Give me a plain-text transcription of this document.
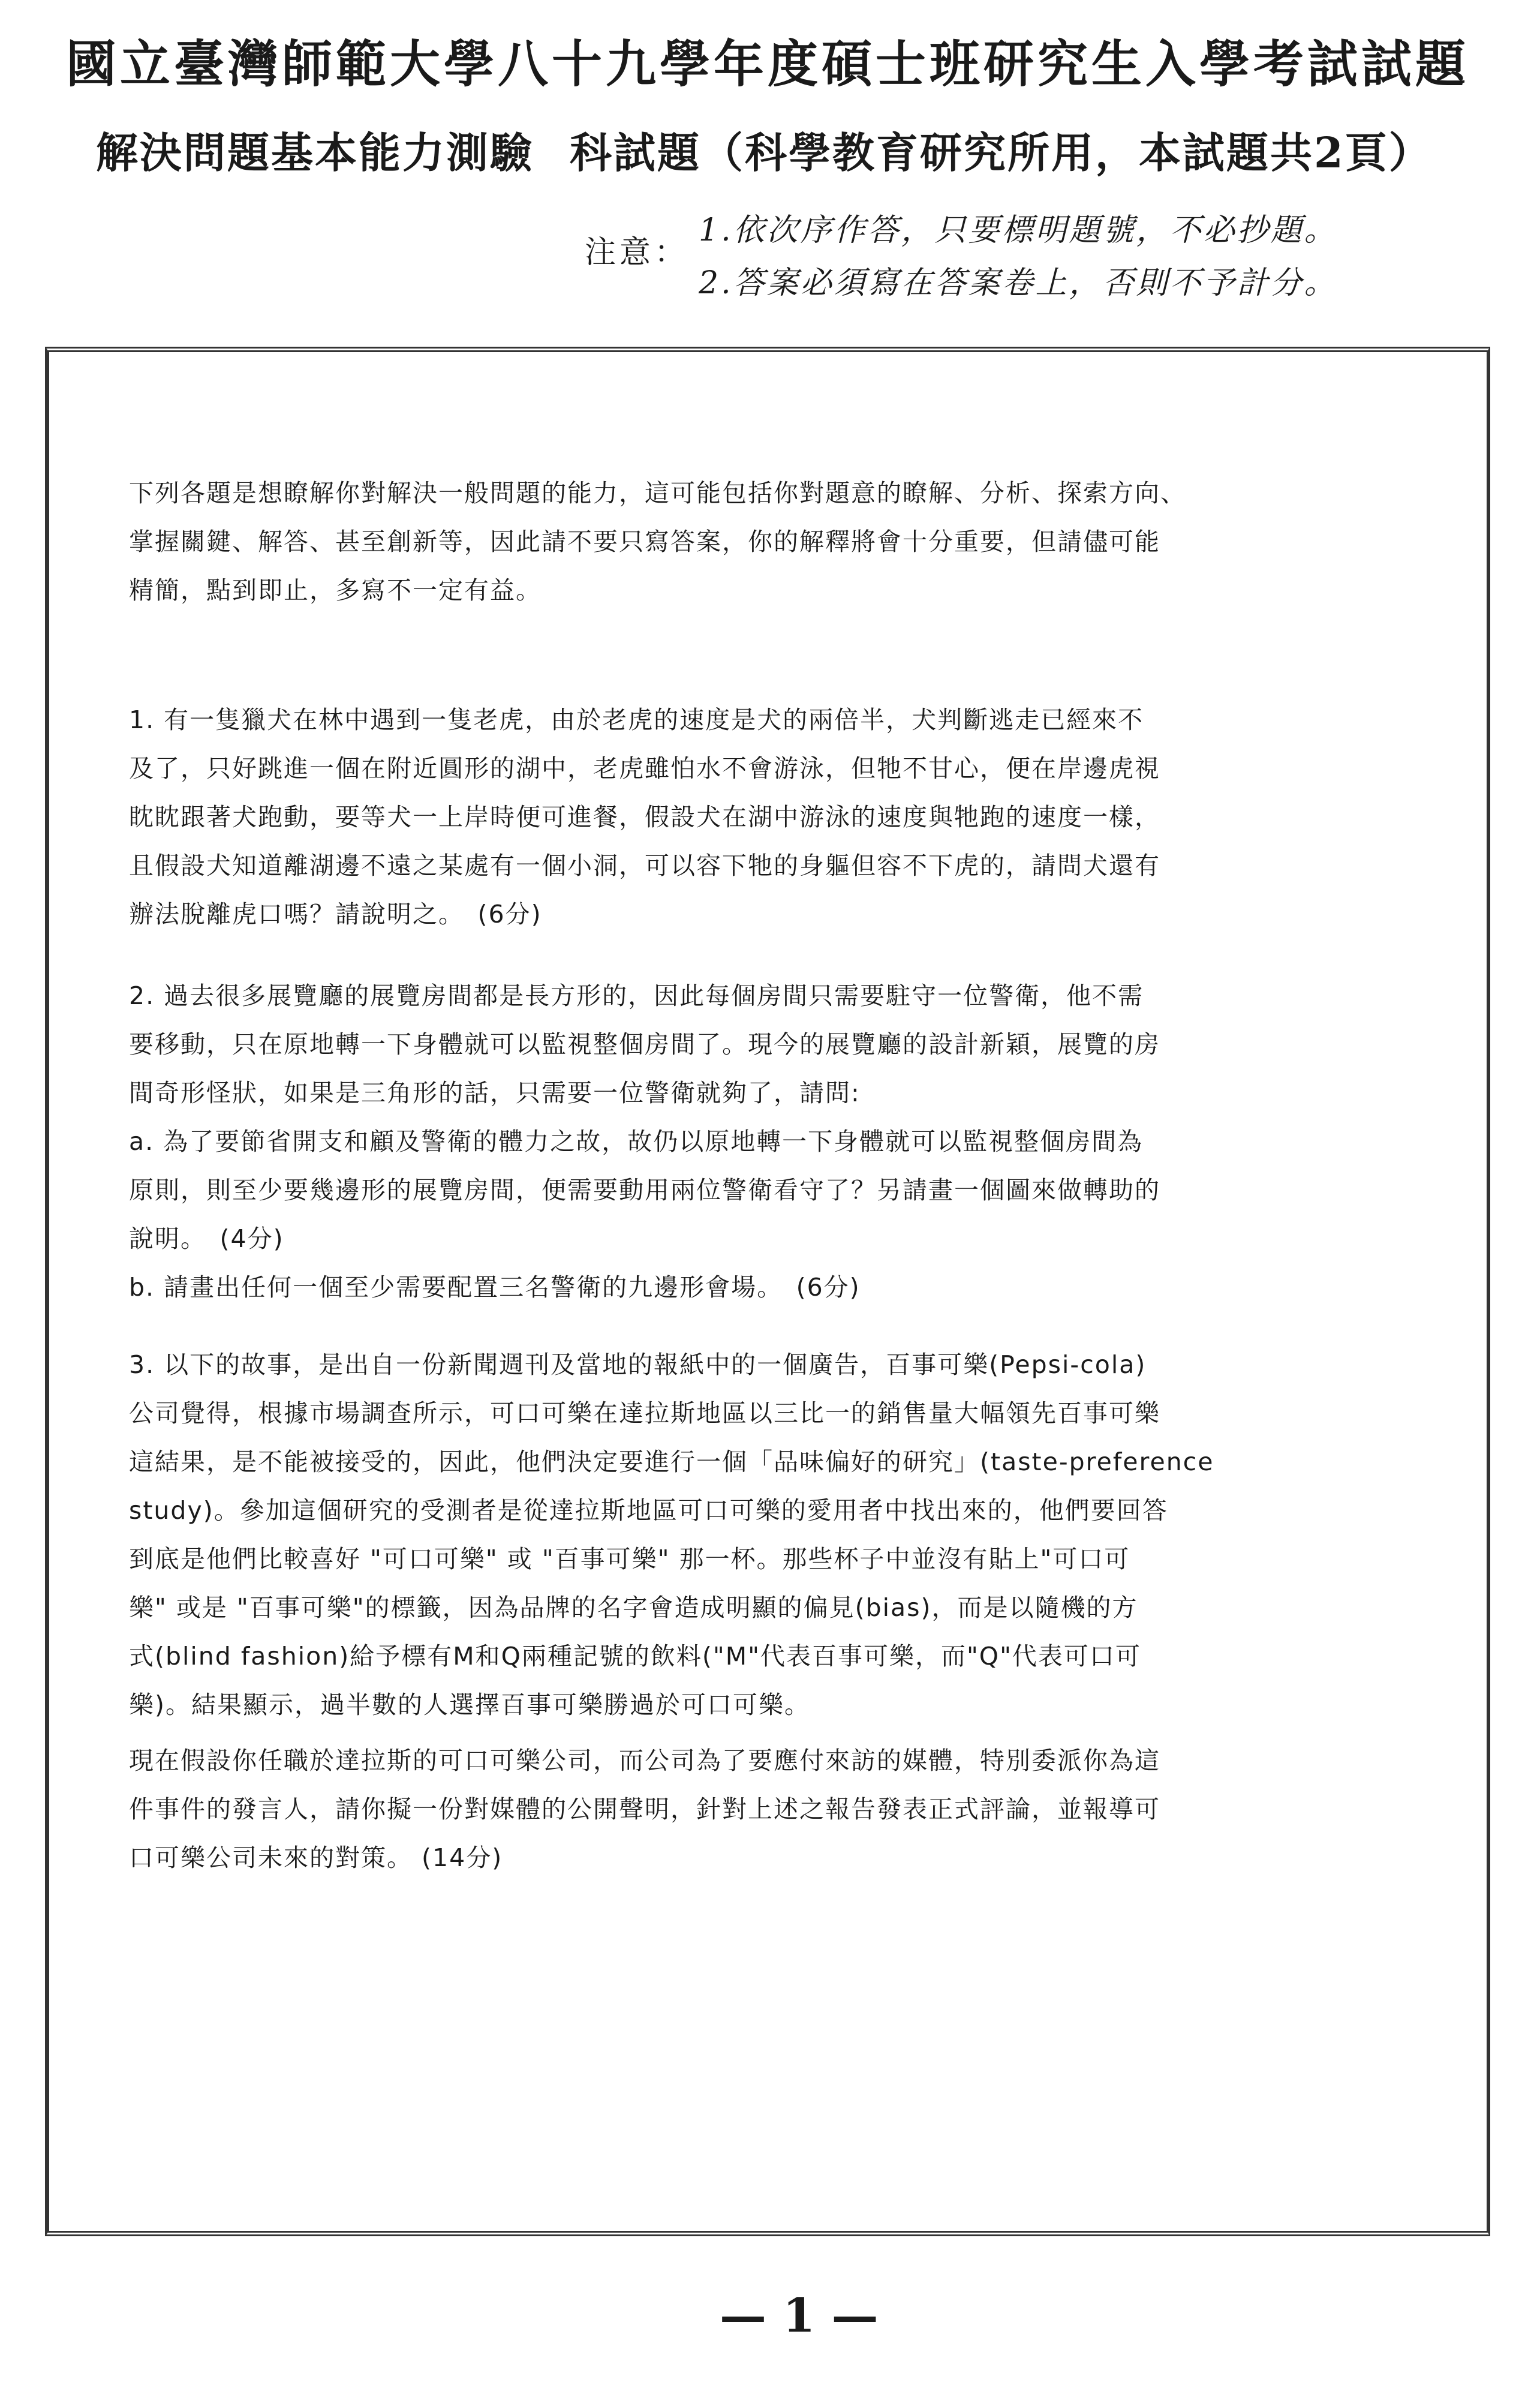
國立臺灣師範大學八十九學年度碩士班研究生入學考試試題
解決問題基本能力測驗 科試題（科學教育研究所用，本試題共2頁）
注意：
1.依次序作答，只要標明題號，不必抄題。
2.答案必須寫在答案卷上，否則不予計分。

下列各題是想瞭解你對解決一般問題的能力，這可能包括你對題意的瞭解、分析、探索方向、

掌握關鍵、解答、甚至創新等，因此請不要只寫答案，你的解釋將會十分重要，但請儘可能

精簡，點到即止，多寫不一定有益。

1. 有一隻獵犬在林中遇到一隻老虎，由於老虎的速度是犬的兩倍半，犬判斷逃走已經來不

及了，只好跳進一個在附近圓形的湖中，老虎雖怕水不會游泳，但牠不甘心，便在岸邊虎視

眈眈跟著犬跑動，要等犬一上岸時便可進餐，假設犬在湖中游泳的速度與牠跑的速度一樣，

且假設犬知道離湖邊不遠之某處有一個小洞，可以容下牠的身軀但容不下虎的，請問犬還有

辦法脫離虎口嗎？請說明之。　(6分)

2. 過去很多展覽廳的展覽房間都是長方形的，因此每個房間只需要駐守一位警衛，他不需

要移動，只在原地轉一下身體就可以監視整個房間了。現今的展覽廳的設計新穎，展覽的房

間奇形怪狀，如果是三角形的話，只需要一位警衛就夠了，請問:

a. 為了要節省開支和顧及警衛的體力之故，故仍以原地轉一下身體就可以監視整個房間為

原則，則至少要幾邊形的展覽房間，便需要動用兩位警衛看守了？另請畫一個圖來做轉助的

說明。　(4分)

b. 請畫出任何一個至少需要配置三名警衛的九邊形會場。　(6分)

3. 以下的故事，是出自一份新聞週刊及當地的報紙中的一個廣告，百事可樂(Pepsi-cola)

公司覺得，根據市場調查所示，可口可樂在達拉斯地區以三比一的銷售量大幅領先百事可樂

這結果，是不能被接受的，因此，他們決定要進行一個「品味偏好的研究」(taste-preference

study)。參加這個研究的受測者是從達拉斯地區可口可樂的愛用者中找出來的，他們要回答

到底是他們比較喜好 "可口可樂" 或 "百事可樂" 那一杯。那些杯子中並沒有貼上"可口可

樂" 或是 "百事可樂"的標籤，因為品牌的名字會造成明顯的偏見(bias)，而是以隨機的方

式(blind fashion)給予標有M和Q兩種記號的飲料("M"代表百事可樂，而"Q"代表可口可

樂)。結果顯示，過半數的人選擇百事可樂勝過於可口可樂。

現在假設你任職於達拉斯的可口可樂公司，而公司為了要應付來訪的媒體，特別委派你為這

件事件的發言人，請你擬一份對媒體的公開聲明，針對上述之報告發表正式評論，並報導可

口可樂公司未來的對策。 (14分)

— 1 —
